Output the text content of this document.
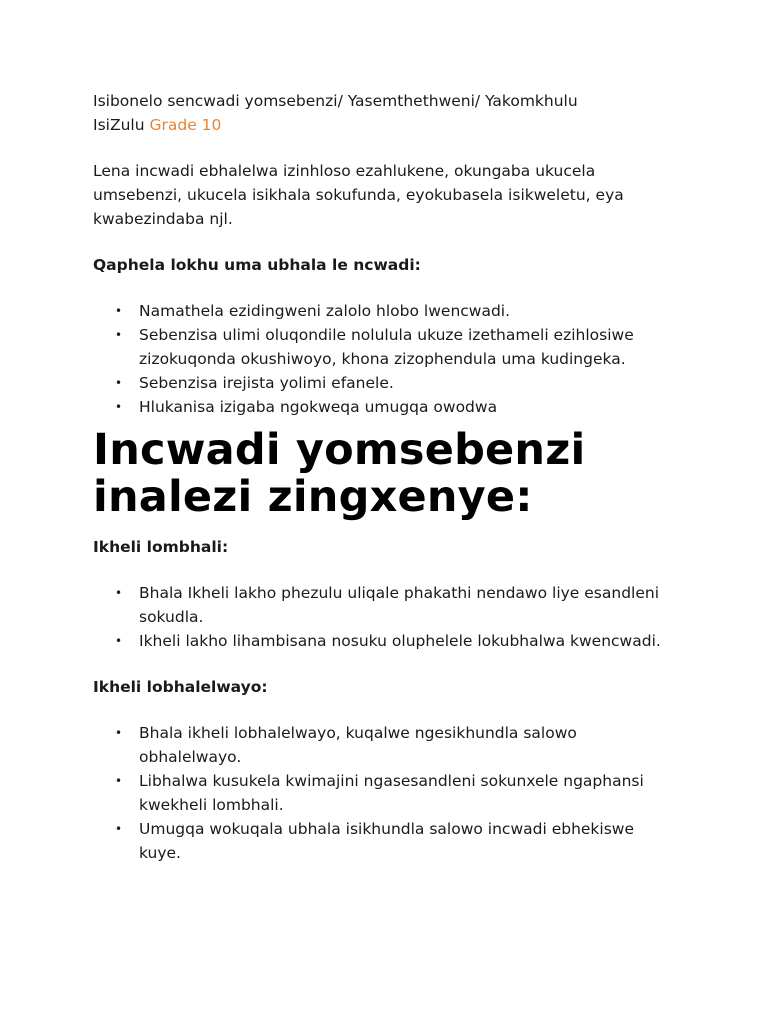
Isibonelo sencwadi yomsebenzi/ Yasemthethweni/ Yakomkhulu
IsiZulu Grade 10

Lena incwadi ebhalelwa izinhloso ezahlukene, okungaba ukucela umsebenzi, ukucela isikhala sokufunda, eyokubasela isikweletu, eya kwabezindaba njl.

Qaphela lokhu uma ubhala le ncwadi:

• Namathela ezidingweni zalolo hlobo lwencwadi.
• Sebenzisa ulimi oluqondile nolulula ukuze izethameli ezihlosiwe zizokuqonda okushiwoyo, khona zizophendula uma kudingeka.
• Sebenzisa irejista yolimi efanele.
• Hlukanisa izigaba ngokweqa umugqa owodwa
Incwadi yomsebenzi inalezi zingxenye:

Ikheli lombhali:

• Bhala Ikheli lakho phezulu uliqale phakathi nendawo liye esandleni sokudla.
• Ikheli lakho lihambisana nosuku oluphelele lokubhalwa kwencwadi.

Ikheli lobhalelwayo:

• Bhala ikheli lobhalelwayo, kuqalwe ngesikhundla salowo obhalelwayo.
• Libhalwa kusukela kwimajini ngasesandleni sokunxele ngaphansi kwekheli lombhali.
• Umugqa wokuqala ubhala isikhundla salowo incwadi ebhekiswe kuye.
